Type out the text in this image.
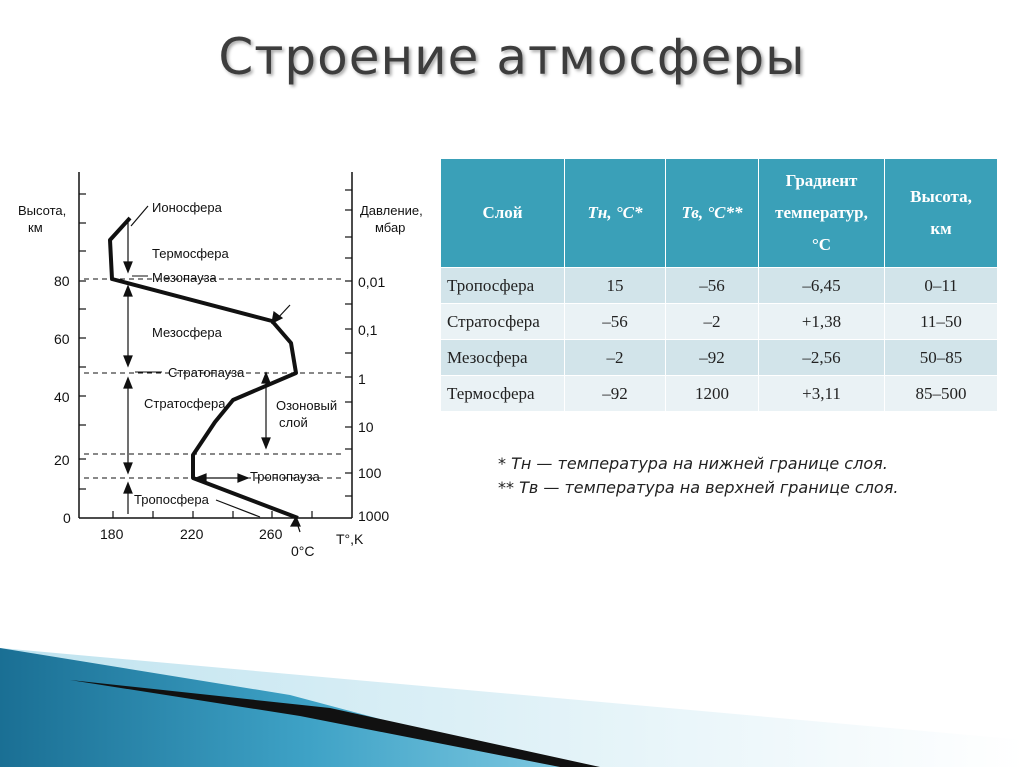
Строение атмосферы
Высота,
км
Давление,
мбар
80
60
40
20
0
0,01
0,1
1
10
100
1000
180	220	260	T°,K
0°C
Ионосфера
Термосфера
Мезопауза
Мезосфера
Стратопауза
Стратосфера	Озоновый
слой
Тропопауза
Тропосфера
Слой	Тн, °С*	Тв, °С**	Градиент
температур,
°С	Высота,
км
Тропосфера	15	–56	–6,45	0–11
Стратосфера	–56	–2	+1,38	11–50
Мезосфера	–2	–92	–2,56	50–85
Термосфера	–92	1200	+3,11	85–500
* Тн — температура на нижней границе слоя.
** Тв — температура на верхней границе слоя.
